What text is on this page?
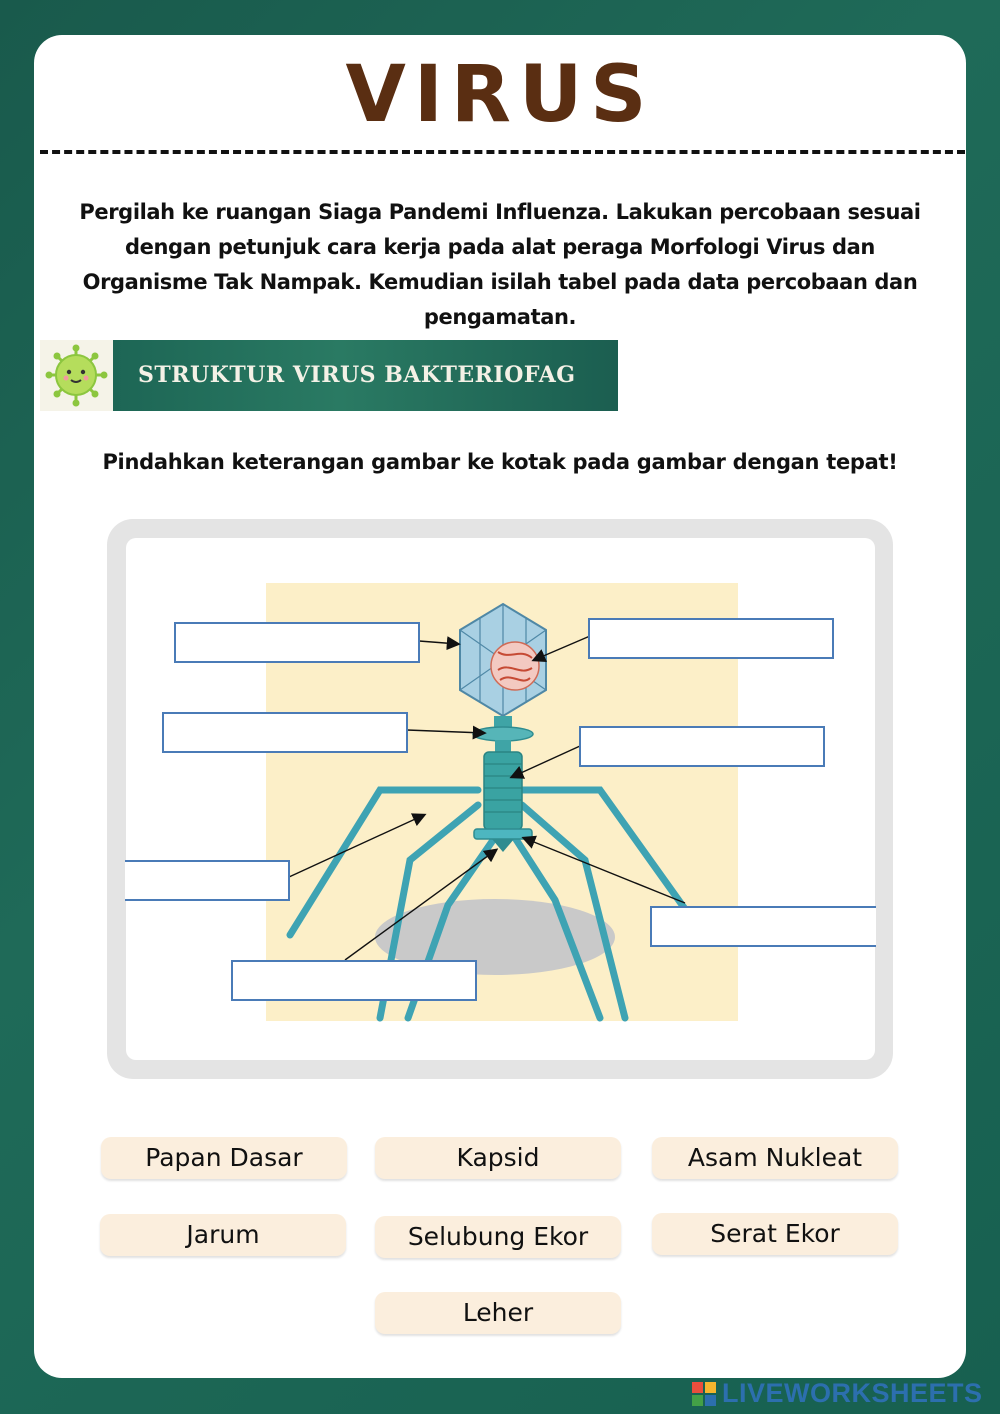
VIRUS
Pergilah ke ruangan Siaga Pandemi Influenza. Lakukan percobaan sesuai dengan petunjuk cara kerja pada alat peraga Morfologi Virus dan Organisme Tak Nampak. Kemudian isilah tabel pada data percobaan dan pengamatan.
STRUKTUR VIRUS BAKTERIOFAG
Pindahkan keterangan gambar ke kotak pada gambar dengan tepat!
Papan Dasar	Kapsid	Asam Nukleat
Jarum	Selubung Ekor	Serat Ekor
Leher
LIVEWORKSHEETS
